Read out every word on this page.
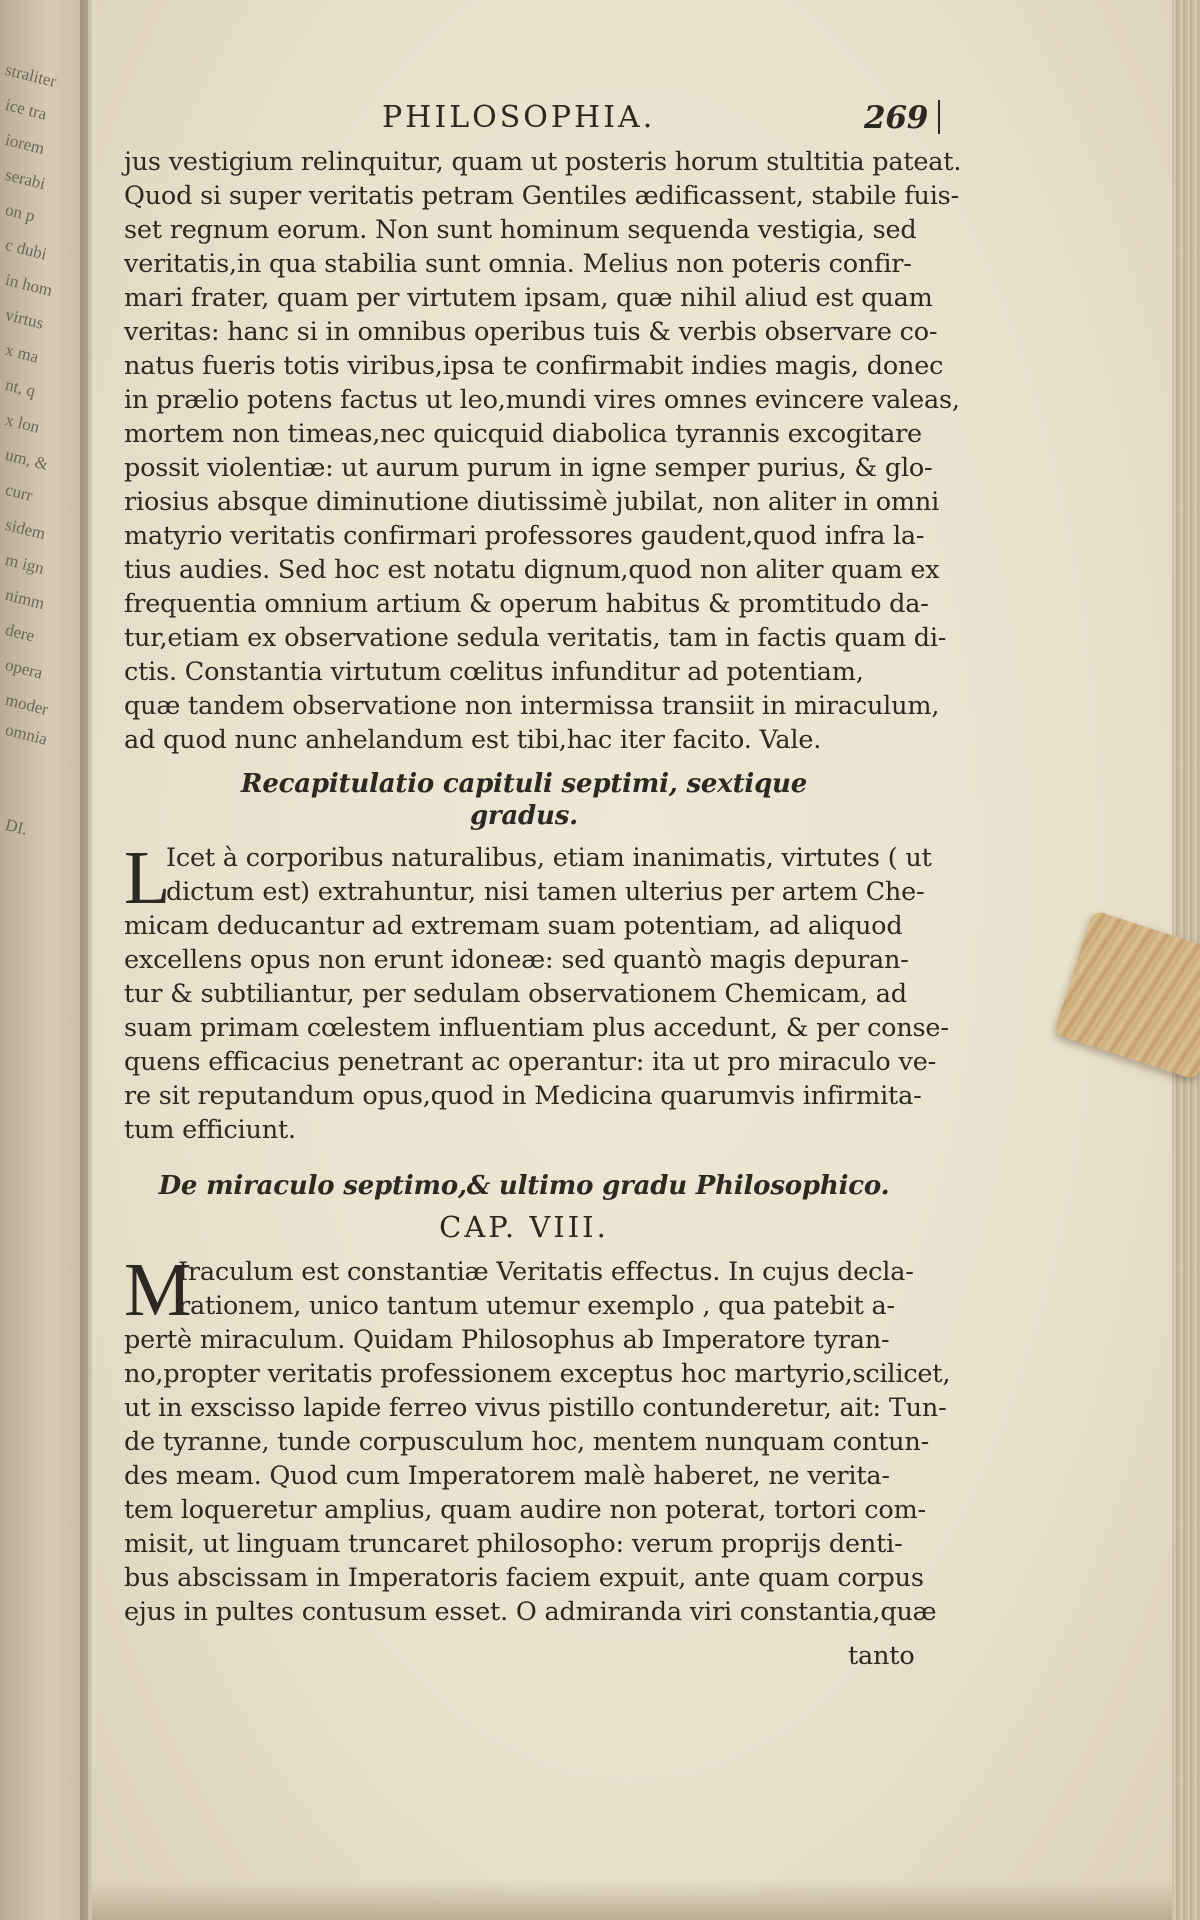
straliter
ice tra
iorem
serabi
on p
c dubi
in hom
virtus
x ma
nt, q
x lon
um, &
curr
sidem
m ign
nimm
dere
opera
moder
omnia
DI.
PHILOSOPHIA.	269
jus vestigium relinquitur, quam ut posteris horum stultitia pateat.
Quod si super veritatis petram Gentiles ædificassent, stabile fuis-
set regnum eorum. Non sunt hominum sequenda vestigia, sed
veritatis,in qua stabilia sunt omnia. Melius non poteris confir-
mari frater, quam per virtutem ipsam, quæ nihil aliud est quam
veritas: hanc si in omnibus operibus tuis & verbis observare co-
natus fueris totis viribus,ipsa te confirmabit indies magis, donec
in prælio potens factus ut leo,mundi vires omnes evincere valeas,
mortem non timeas,nec quicquid diabolica tyrannis excogitare
possit violentiæ: ut aurum purum in igne semper purius, & glo-
riosius absque diminutione diutissimè jubilat, non aliter in omni
matyrio veritatis confirmari professores gaudent,quod infra la-
tius audies. Sed hoc est notatu dignum,quod non aliter quam ex
frequentia omnium artium & operum habitus & promtitudo da-
tur,etiam ex observatione sedula veritatis, tam in factis quam di-
ctis. Constantia virtutum cœlitus infunditur ad potentiam,
quæ tandem observatione non intermissa transiit in miraculum,
ad quod nunc anhelandum est tibi,hac iter facito. Vale.
Recapitulatio capituli septimi, sextique
gradus.
L
Icet à corporibus naturalibus, etiam inanimatis, virtutes ( ut
dictum est) extrahuntur, nisi tamen ulterius per artem Che-
micam deducantur ad extremam suam potentiam, ad aliquod
excellens opus non erunt idoneæ: sed quantò magis depuran-
tur & subtiliantur, per sedulam observationem Chemicam, ad
suam primam cœlestem influentiam plus accedunt, & per conse-
quens efficacius penetrant ac operantur: ita ut pro miraculo ve-
re sit reputandum opus,quod in Medicina quarumvis infirmita-
tum efficiunt.
De miraculo septimo,& ultimo gradu Philosophico.
CAP. VIII.
M
Iraculum est constantiæ Veritatis effectus. In cujus decla-
rationem, unico tantum utemur exemplo , qua patebit a-
pertè miraculum. Quidam Philosophus ab Imperatore tyran-
no,propter veritatis professionem exceptus hoc martyrio,scilicet,
ut in exscisso lapide ferreo vivus pistillo contunderetur, ait: Tun-
de tyranne, tunde corpusculum hoc, mentem nunquam contun-
des meam. Quod cum Imperatorem malè haberet, ne verita-
tem loqueretur amplius, quam audire non poterat, tortori com-
misit, ut linguam truncaret philosopho: verum proprijs denti-
bus abscissam in Imperatoris faciem expuit, ante quam corpus
ejus in pultes contusum esset. O admiranda viri constantia,quæ
tanto
